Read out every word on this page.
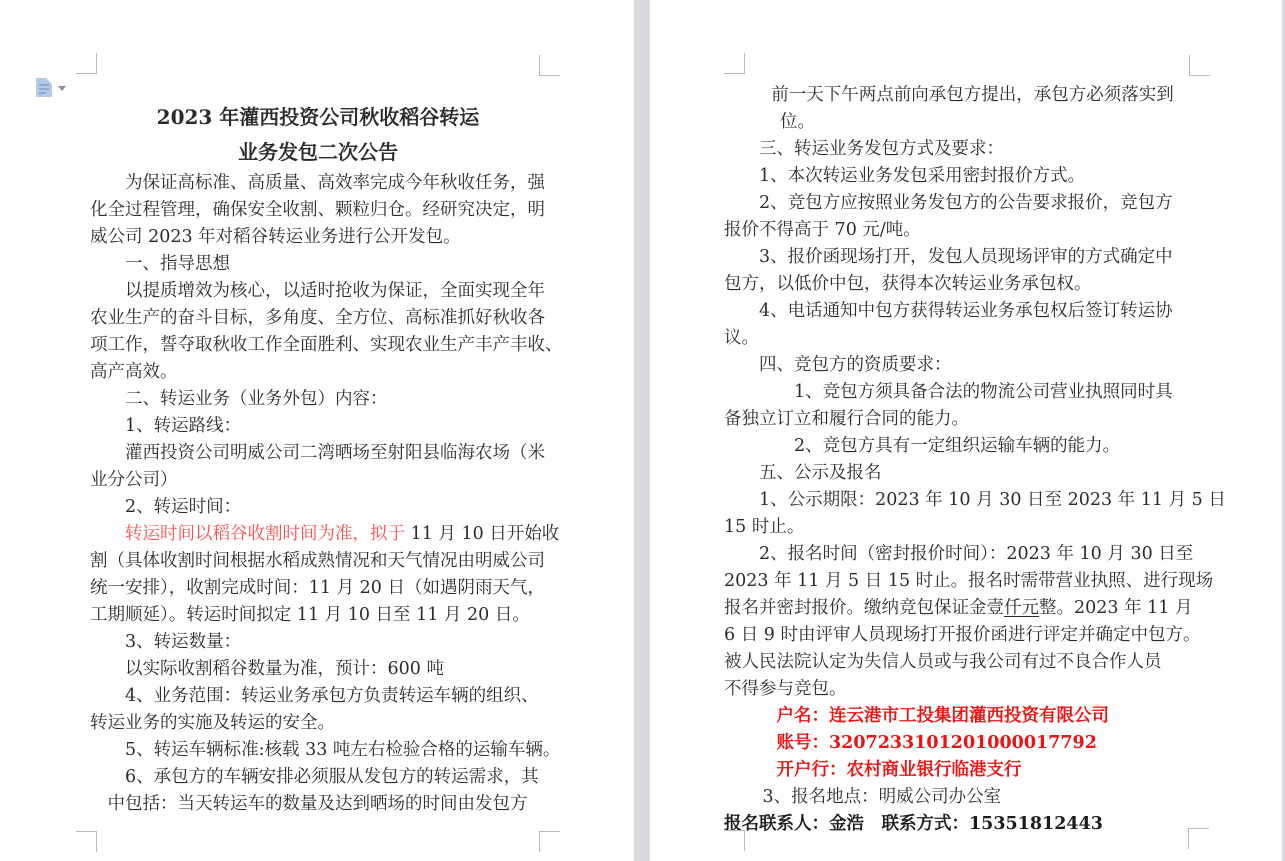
2023 年灌西投资公司秋收稻谷转运
业务发包二次公告
为保证高标准、高质量、高效率完成今年秋收任务，强
化全过程管理，确保安全收割、颗粒归仓。经研究决定，明
威公司 2023 年对稻谷转运业务进行公开发包。
一、指导思想
以提质增效为核心，以适时抢收为保证，全面实现全年
农业生产的奋斗目标，多角度、全方位、高标准抓好秋收各
项工作，誓夺取秋收工作全面胜利、实现农业生产丰产丰收、
高产高效。
二、转运业务（业务外包）内容：
1、转运路线：
灌西投资公司明威公司二湾晒场至射阳县临海农场（米
业分公司）
2、转运时间：
转运时间以稻谷收割时间为准，拟于 11 月 10 日开始收
割（具体收割时间根据水稻成熟情况和天气情况由明威公司
统一安排），收割完成时间：11 月 20 日（如遇阴雨天气，
工期顺延）。转运时间拟定 11 月 10 日至 11 月 20 日。
3、转运数量：
以实际收割稻谷数量为准，预计：600 吨
4、业务范围：转运业务承包方负责转运车辆的组织、
转运业务的实施及转运的安全。
5、转运车辆标准:核载 33 吨左右检验合格的运输车辆。
6、承包方的车辆安排必须服从发包方的转运需求，其
中包括：当天转运车的数量及达到晒场的时间由发包方
前一天下午两点前向承包方提出，承包方必须落实到
位。
三、转运业务发包方式及要求：
1、本次转运业务发包采用密封报价方式。
2、竞包方应按照业务发包方的公告要求报价，竞包方
报价不得高于 70 元/吨。
3、报价函现场打开，发包人员现场评审的方式确定中
包方，以低价中包，获得本次转运业务承包权。
4、电话通知中包方获得转运业务承包权后签订转运协
议。
四、竞包方的资质要求：
1、竞包方须具备合法的物流公司营业执照同时具
备独立订立和履行合同的能力。
2、竞包方具有一定组织运输车辆的能力。
五、公示及报名
1、公示期限：2023 年 10 月 30 日至 2023 年 11 月 5 日
15 时止。
2、报名时间（密封报价时间）：2023 年 10 月 30 日至
2023 年 11 月 5 日 15 时止。报名时需带营业执照、进行现场
报名并密封报价。缴纳竞包保证金壹仟元整。2023 年 11 月
6 日 9 时由评审人员现场打开报价函进行评定并确定中包方。
被人民法院认定为失信人员或与我公司有过不良合作人员
不得参与竞包。
户名：连云港市工投集团灌西投资有限公司
账号：3207233101201000017792
开户行：农村商业银行临港支行
3、报名地点：明威公司办公室
报名联系人：金浩　联系方式：15351812443
